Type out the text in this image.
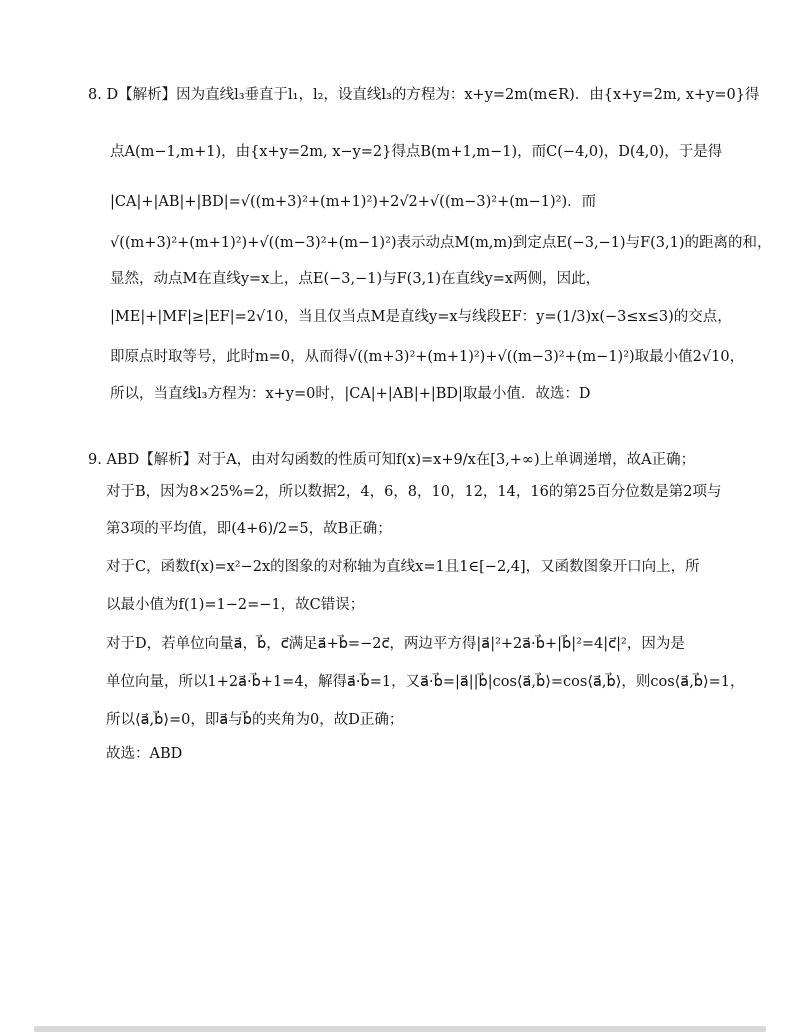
8. D【解析】因为直线l₃垂直于l₁，l₂，设直线l₃的方程为：x+y=2m(m∈R)．由{x+y=2m, x+y=0}得
点A(m−1,m+1)，由{x+y=2m, x−y=2}得点B(m+1,m−1)，而C(−4,0)，D(4,0)，于是得
|CA|+|AB|+|BD|=√((m+3)²+(m+1)²)+2√2+√((m−3)²+(m−1)²)．而
√((m+3)²+(m+1)²)+√((m−3)²+(m−1)²)表示动点M(m,m)到定点E(−3,−1)与F(3,1)的距离的和，
显然，动点M在直线y=x上，点E(−3,−1)与F(3,1)在直线y=x两侧，因此，
|ME|+|MF|≥|EF|=2√10，当且仅当点M是直线y=x与线段EF：y=(1/3)x(−3≤x≤3)的交点，
即原点时取等号，此时m=0，从而得√((m+3)²+(m+1)²)+√((m−3)²+(m−1)²)取最小值2√10，
所以，当直线l₃方程为：x+y=0时，|CA|+|AB|+|BD|取最小值．故选：D
9. ABD【解析】对于A，由对勾函数的性质可知f(x)=x+9/x在[3,+∞)上单调递增，故A正确；
对于B，因为8×25%=2，所以数据2，4，6，8，10，12，14，16的第25百分位数是第2项与
第3项的平均值，即(4+6)/2=5，故B正确；
对于C，函数f(x)=x²−2x的图象的对称轴为直线x=1且1∈[−2,4]，又函数图象开口向上，所
以最小值为f(1)=1−2=−1，故C错误；
对于D，若单位向量a⃗，b⃗，c⃗满足a⃗+b⃗=−2c⃗，两边平方得|a⃗|²+2a⃗·b⃗+|b⃗|²=4|c⃗|²，因为是
单位向量，所以1+2a⃗·b⃗+1=4，解得a⃗·b⃗=1，又a⃗·b⃗=|a⃗||b⃗|cos⟨a⃗,b⃗⟩=cos⟨a⃗,b⃗⟩，则cos⟨a⃗,b⃗⟩=1，
所以⟨a⃗,b⃗⟩=0，即a⃗与b⃗的夹角为0，故D正确；
故选：ABD
